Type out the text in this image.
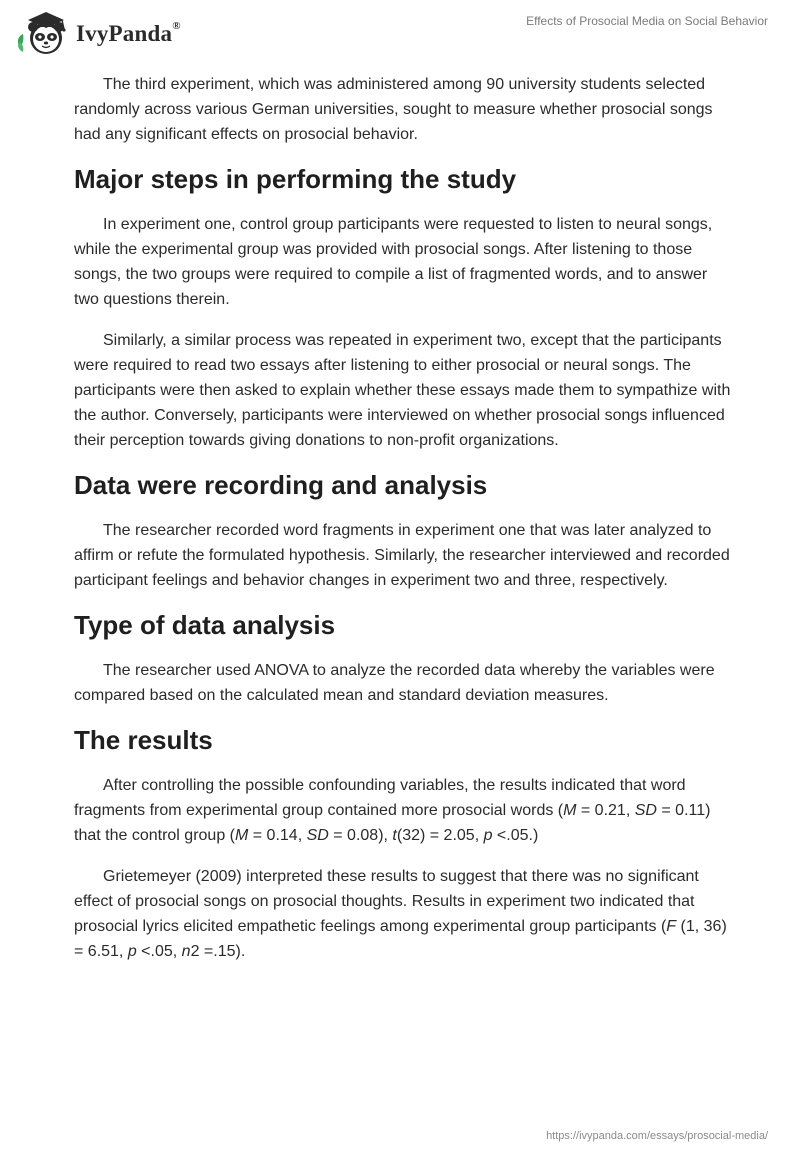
IvyPanda®	Effects of Prosocial Media on Social Behavior

The third experiment, which was administered among 90 university students selected randomly across various German universities, sought to measure whether prosocial songs had any significant effects on prosocial behavior.

Major steps in performing the study

In experiment one, control group participants were requested to listen to neural songs, while the experimental group was provided with prosocial songs. After listening to those songs, the two groups were required to compile a list of fragmented words, and to answer two questions therein.

Similarly, a similar process was repeated in experiment two, except that the participants were required to read two essays after listening to either prosocial or neural songs. The participants were then asked to explain whether these essays made them to sympathize with the author. Conversely, participants were interviewed on whether prosocial songs influenced their perception towards giving donations to non-profit organizations.

Data were recording and analysis

The researcher recorded word fragments in experiment one that was later analyzed to affirm or refute the formulated hypothesis. Similarly, the researcher interviewed and recorded participant feelings and behavior changes in experiment two and three, respectively.

Type of data analysis

The researcher used ANOVA to analyze the recorded data whereby the variables were compared based on the calculated mean and standard deviation measures.

The results

After controlling the possible confounding variables, the results indicated that word fragments from experimental group contained more prosocial words (M = 0.21, SD = 0.11) that the control group (M = 0.14, SD = 0.08), t(32) = 2.05, p <.05.)

Grietemeyer (2009) interpreted these results to suggest that there was no significant effect of prosocial songs on prosocial thoughts. Results in experiment two indicated that prosocial lyrics elicited empathetic feelings among experimental group participants (F (1, 36) = 6.51, p <.05, n2 =.15).

https://ivypanda.com/essays/prosocial-media/
